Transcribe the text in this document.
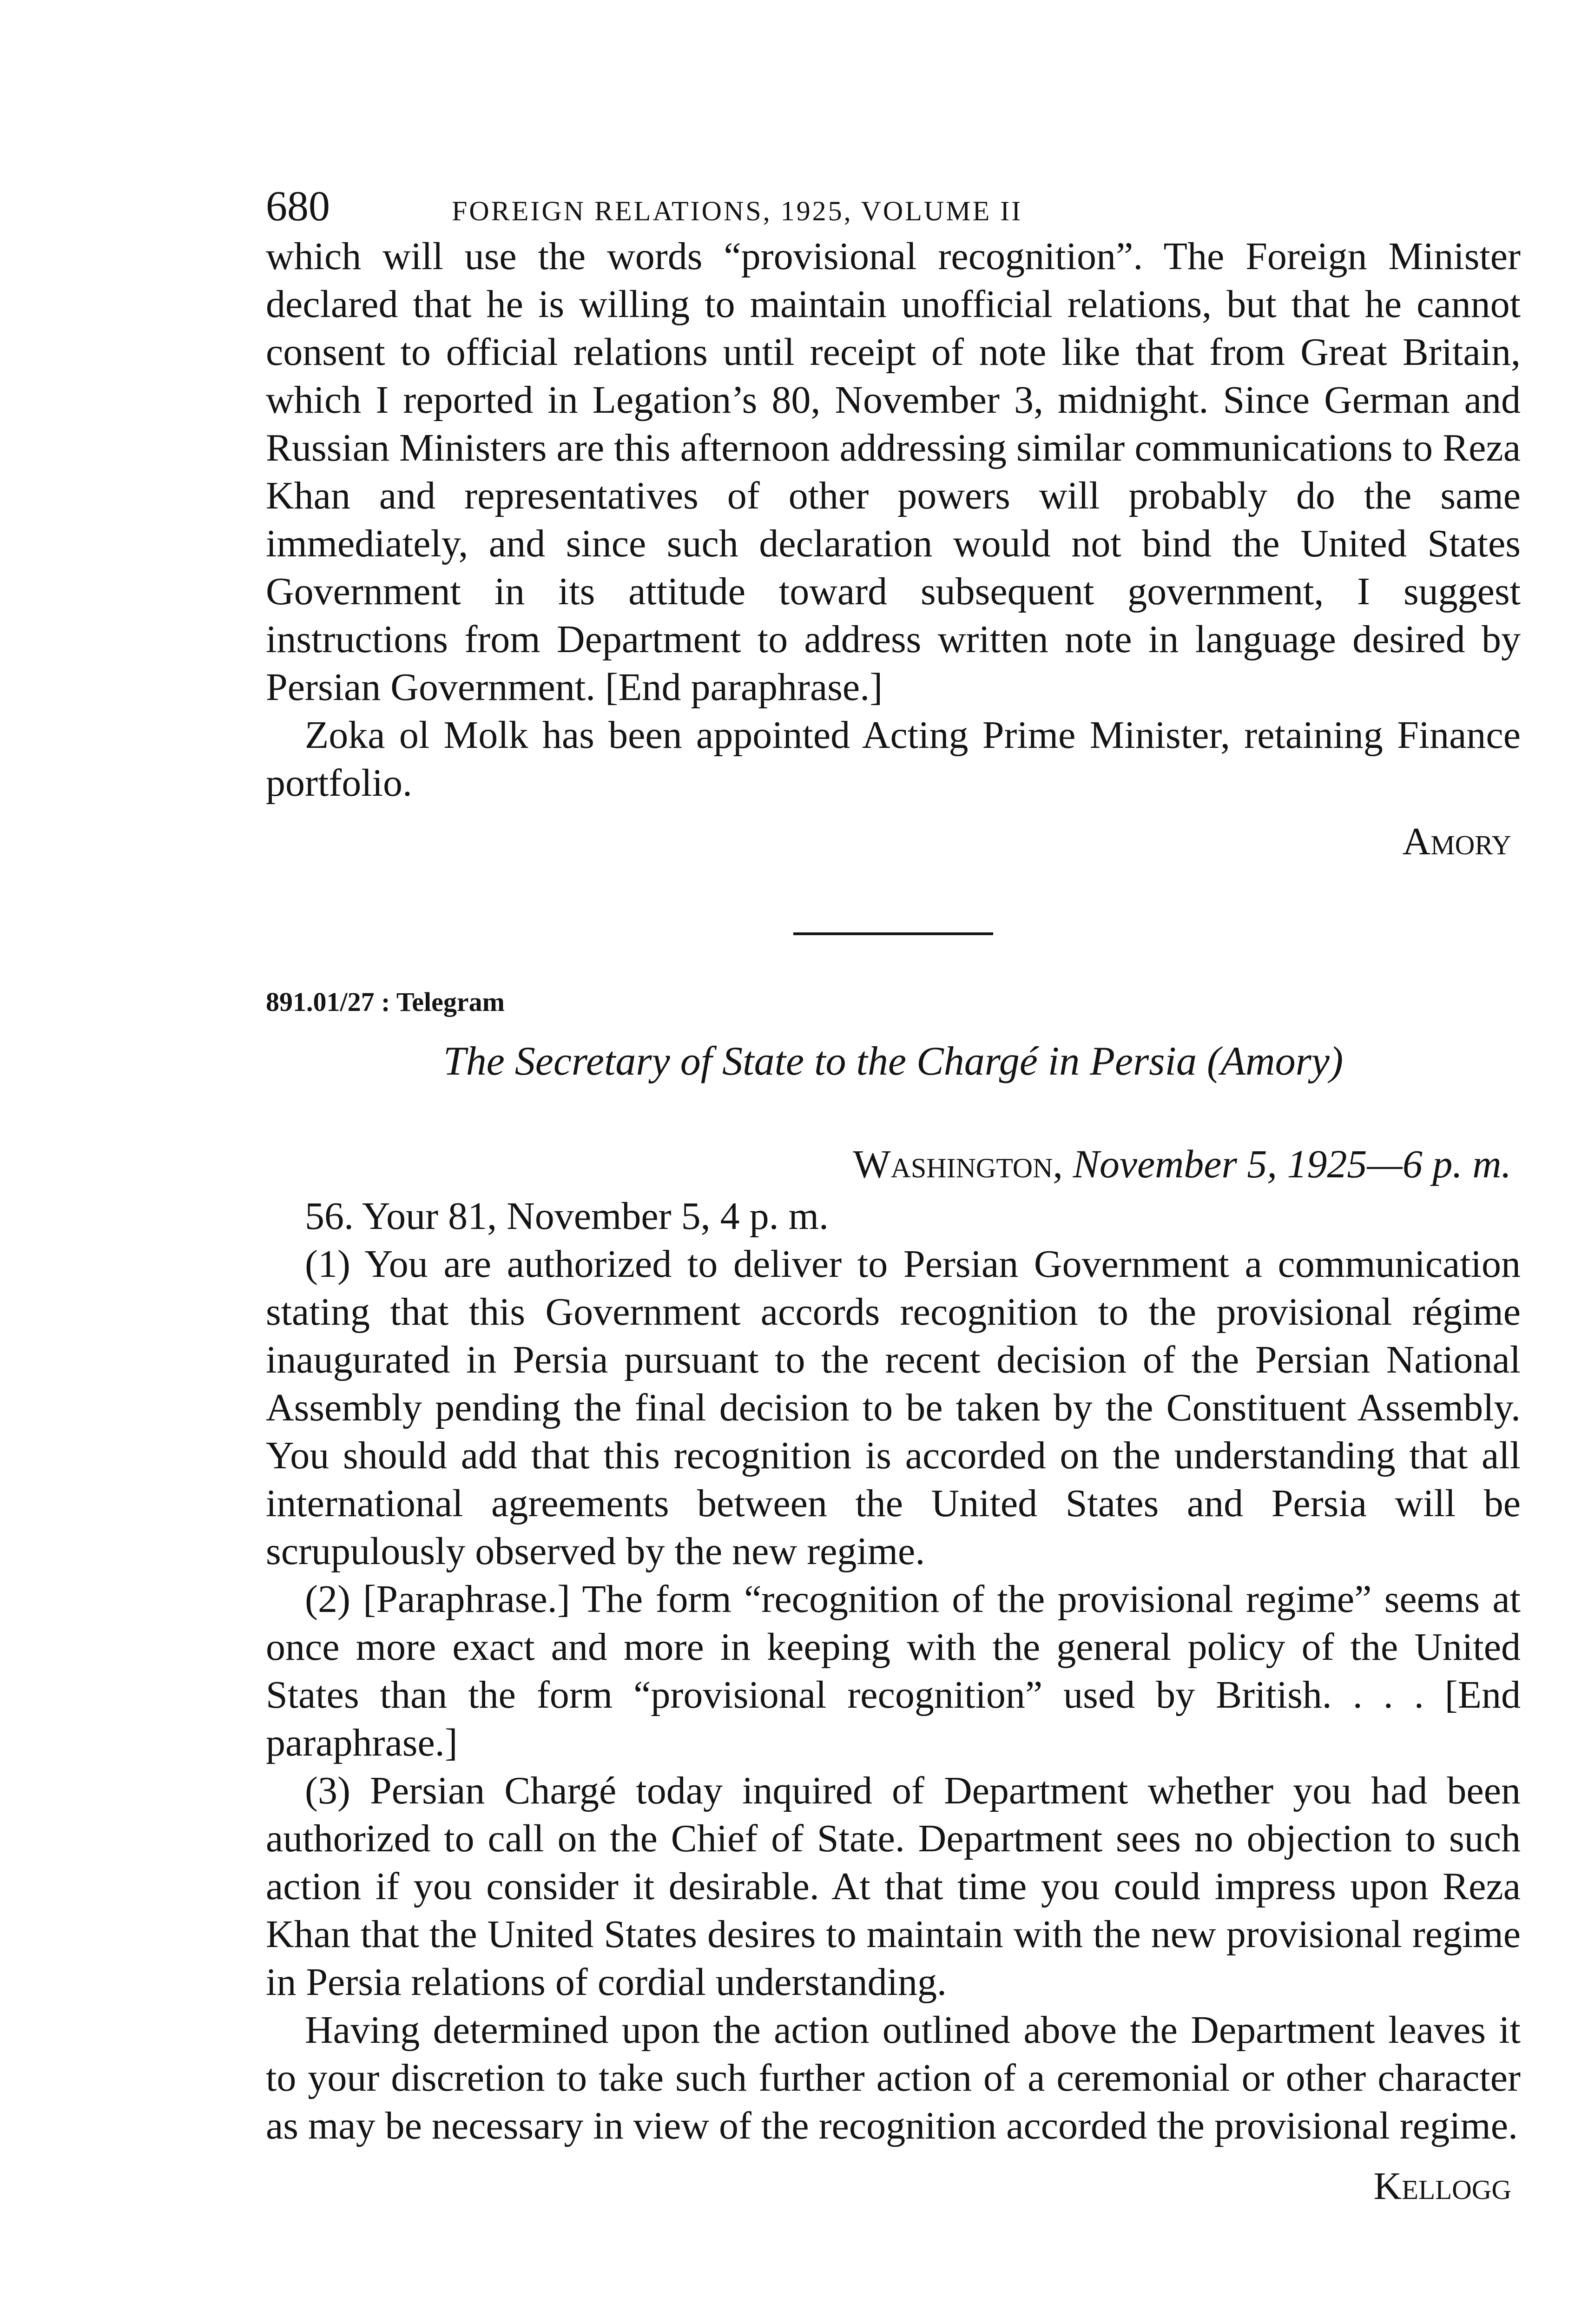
680	FOREIGN RELATIONS, 1925, VOLUME II

which will use the words “provisional recognition”. The Foreign Minister declared that he is willing to maintain unofficial relations, but that he cannot consent to official relations until receipt of note like that from Great Britain, which I reported in Legation’s 80, November 3, midnight. Since German and Russian Ministers are this afternoon addressing similar communications to Reza Khan and representatives of other powers will probably do the same immediately, and since such declaration would not bind the United States Government in its attitude toward subsequent government, I suggest instructions from Department to address written note in language desired by Persian Government. [End paraphrase.]

Zoka ol Molk has been appointed Acting Prime Minister, retaining Finance portfolio.

Amory
891.01/27 : Telegram
The Secretary of State to the Chargé in Persia (Amory)
Washington, November 5, 1925—6 p. m.

56. Your 81, November 5, 4 p. m.

(1) You are authorized to deliver to Persian Government a communication stating that this Government accords recognition to the provisional régime inaugurated in Persia pursuant to the recent decision of the Persian National Assembly pending the final decision to be taken by the Constituent Assembly. You should add that this recognition is accorded on the understanding that all international agreements between the United States and Persia will be scrupulously observed by the new regime.

(2) [Paraphrase.] The form “recognition of the provisional regime” seems at once more exact and more in keeping with the general policy of the United States than the form “provisional recognition” used by British. . . . [End paraphrase.]

(3) Persian Chargé today inquired of Department whether you had been authorized to call on the Chief of State. Department sees no objection to such action if you consider it desirable. At that time you could impress upon Reza Khan that the United States desires to maintain with the new provisional regime in Persia relations of cordial understanding.

Having determined upon the action outlined above the Department leaves it to your discretion to take such further action of a ceremonial or other character as may be necessary in view of the recognition accorded the provisional regime.

Kellogg
